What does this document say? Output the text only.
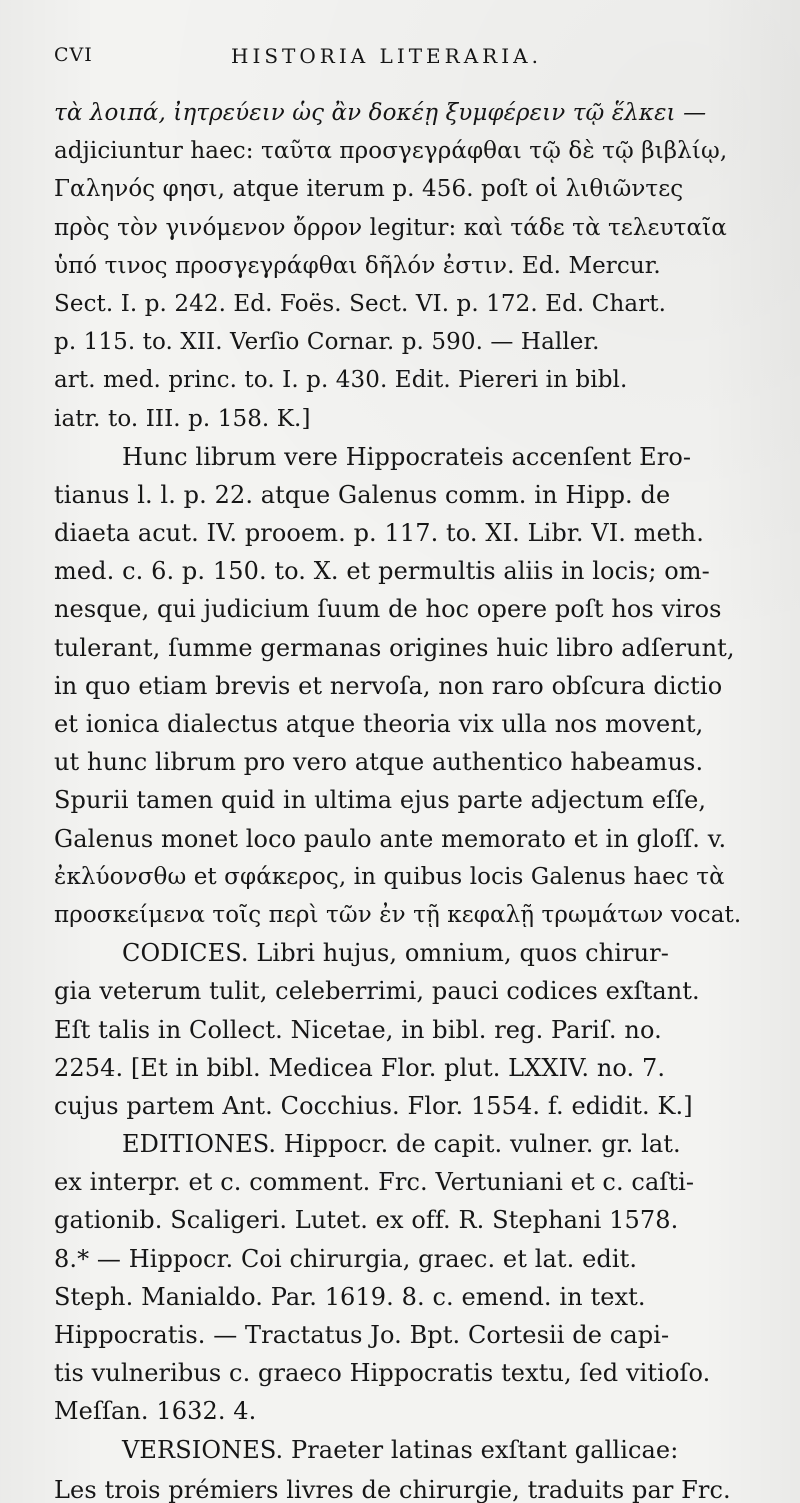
CVI	HISTORIA LITERARIA.
τὰ λοιπά, ἰητρεύειν ὡς ἂν δοκέῃ ξυμφέρειν τῷ ἕλκει —
adjiciuntur haec: ταῦτα προσγεγράφθαι τῷ δὲ τῷ βιβλίῳ,
Γαληνός φησι, atque iterum p. 456. poſt οἱ λιθιῶντες
πρὸς τὸν γινόμενον ὄρρον legitur: καὶ τάδε τὰ τελευταῖα
ὑπό τινος προσγεγράφθαι δῆλόν ἐστιν. Ed. Mercur.
Sect. I. p. 242. Ed. Foës. Sect. VI. p. 172. Ed. Chart.
p. 115. to. XII. Verſio Cornar. p. 590. — Haller.
art. med. princ. to. I. p. 430. Edit. Piereri in bibl.
iatr. to. III. p. 158. K.]
Hunc librum vere Hippocrateis accenſent Ero-
tianus l. l. p. 22. atque Galenus comm. in Hipp. de
diaeta acut. IV. prooem. p. 117. to. XI. Libr. VI. meth.
med. c. 6. p. 150. to. X. et permultis aliis in locis; om-
nesque, qui judicium ſuum de hoc opere poſt hos viros
tulerant, ſumme germanas origines huic libro adſerunt,
in quo etiam brevis et nervoſa, non raro obſcura dictio
et ionica dialectus atque theoria vix ulla nos movent,
ut hunc librum pro vero atque authentico habeamus.
Spurii tamen quid in ultima ejus parte adjectum eſſe,
Galenus monet loco paulo ante memorato et in gloſſ. v.
ἐκλύονσθω et σφάκερος, in quibus locis Galenus haec τὰ
προσκείμενα τοῖς περὶ τῶν ἐν τῇ κεφαλῇ τρωμάτων vocat.
CODICES. Libri hujus, omnium, quos chirur-
gia veterum tulit, celeberrimi, pauci codices exſtant.
Eſt talis in Collect. Nicetae, in bibl. reg. Pariſ. no.
2254. [Et in bibl. Medicea Flor. plut. LXXIV. no. 7.
cujus partem Ant. Cocchius. Flor. 1554. f. edidit. K.]
EDITIONES. Hippocr. de capit. vulner. gr. lat.
ex interpr. et c. comment. Frc. Vertuniani et c. caſti-
gationib. Scaligeri. Lutet. ex off. R. Stephani 1578.
8.* — Hippocr. Coi chirurgia, graec. et lat. edit.
Steph. Manialdo. Par. 1619. 8. c. emend. in text.
Hippocratis. — Tractatus Jo. Bpt. Cortesii de capi-
tis vulneribus c. graeco Hippocratis textu, ſed vitioſo.
Meſſan. 1632. 4.
VERSIONES. Praeter latinas exſtant gallicae:
Les trois prémiers livres de chirurgie, traduits par Frc.
